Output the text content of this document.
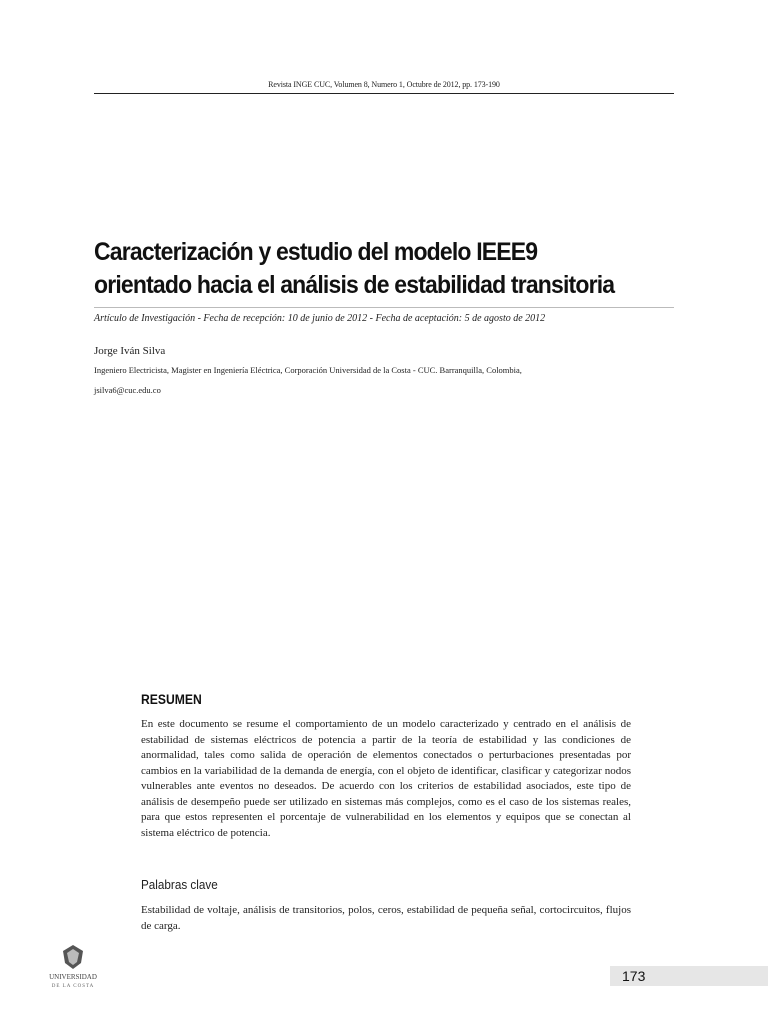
Revista INGE CUC, Volumen 8, Numero 1, Octubre de 2012, pp. 173-190
Caracterización y estudio del modelo IEEE9
orientado hacia el análisis de estabilidad transitoria
Artículo de Investigación - Fecha de recepción: 10 de junio de 2012 - Fecha de aceptación: 5 de agosto de 2012
Jorge Iván Silva
Ingeniero Electricista, Magister en Ingeniería Eléctrica, Corporación Universidad de la Costa - CUC. Barranquilla, Colombia,
jsilva6@cuc.edu.co
RESUMEN

En este documento se resume el comportamiento de un modelo caracterizado y centrado en el análisis de estabilidad de sistemas eléctricos de potencia a partir de la teoría de estabilidad y las condiciones de anormalidad, tales como salida de operación de elementos conectados o perturbaciones presentadas por cambios en la variabilidad de la demanda de energía, con el objeto de identificar, clasificar y categorizar nodos vulnerables ante eventos no deseados. De acuerdo con los criterios de estabilidad asociados, este tipo de análisis de desempeño puede ser utilizado en sistemas más complejos, como es el caso de los sistemas reales, para que estos representen el porcentaje de vulnerabilidad en los elementos y equipos que se conectan al sistema eléctrico de potencia.

Palabras clave

Estabilidad de voltaje, análisis de transitorios, polos, ceros, estabilidad de pequeña señal, cortocircuitos, flujos de carga.

UNIVERSIDAD
DE LA COSTA
173
